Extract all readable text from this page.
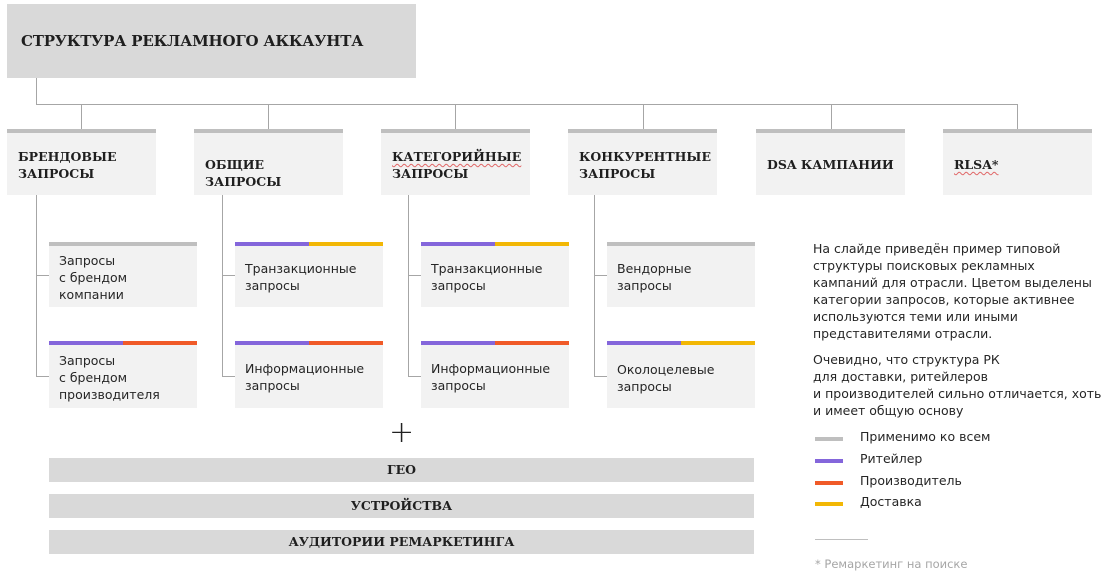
СТРУКТУРА РЕКЛАМНОГО АККАУНТА
БРЕНДОВЫЕ
ЗАПРОСЫ
ОБЩИЕ ЗАПРОСЫ
КАТЕГОРИЙНЫЕ
ЗАПРОСЫ
КОНКУРЕНТНЫЕ
ЗАПРОСЫ
DSA КАМПАНИИ	RLSA*
Запросы
с брендом
компании
Запросы
с брендом
производителя
Транзакционные
запросы
Информационные
запросы
Транзакционные
запросы
Информационные
запросы
Вендорные
запросы
Околоцелевые
запросы
+
ГЕО
УСТРОЙСТВА
АУДИТОРИИ РЕМАРКЕТИНГА
На слайде приведён пример типовой
структуры поисковых рекламных
кампаний для отрасли. Цветом выделены
категории запросов, которые активнее
используются теми или иными
представителями отрасли.
Очевидно, что структура РК
для доставки, ритейлеров
и производителей сильно отличается, хоть
и имеет общую основу
Применимо ко всем
Ритейлер
Производитель
Доставка
* Ремаркетинг на поиске
